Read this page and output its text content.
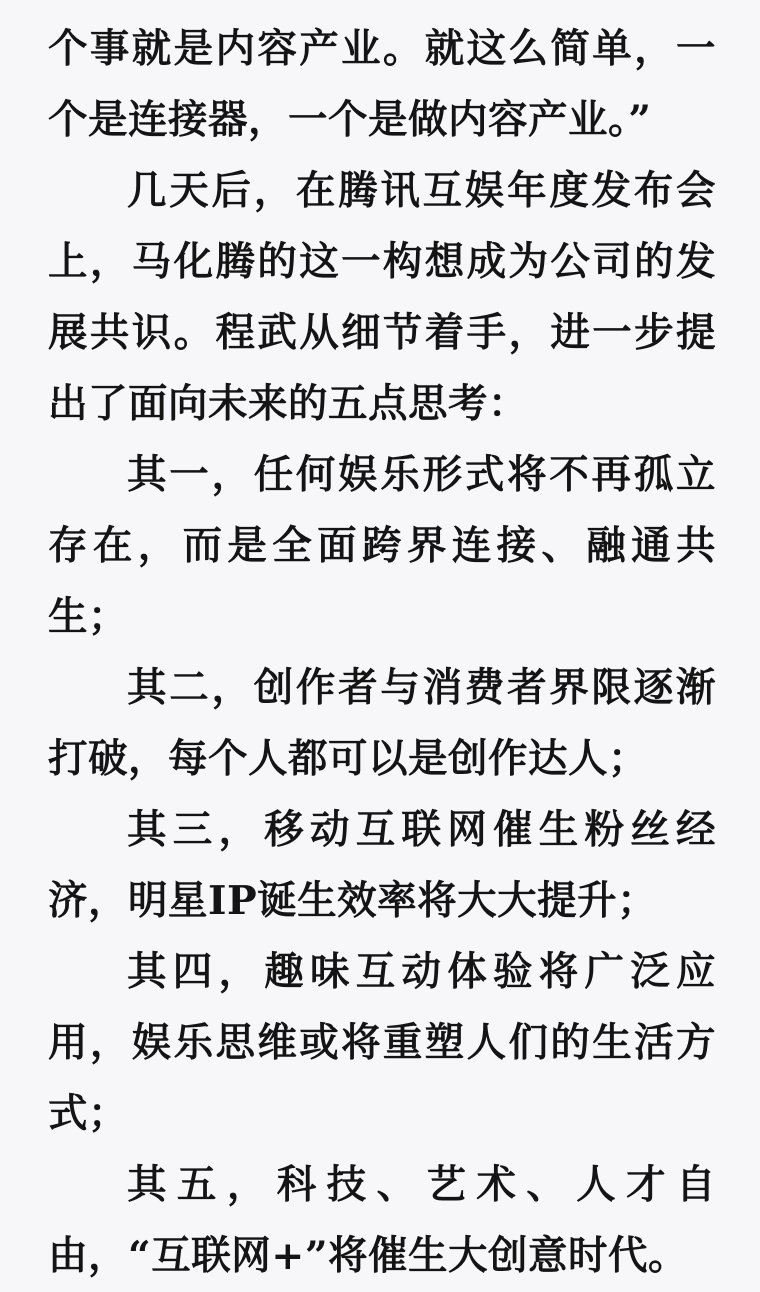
个事就是内容产业。就这么简单，一个是连接器，一个是做内容产业。”

几天后，在腾讯互娱年度发布会上，马化腾的这一构想成为公司的发展共识。程武从细节着手，进一步提出了面向未来的五点思考：

其一，任何娱乐形式将不再孤立存在，而是全面跨界连接、融通共生；

其二，创作者与消费者界限逐渐打破，每个人都可以是创作达人；

其三，移动互联网催生粉丝经济，明星IP诞生效率将大大提升；

其四，趣味互动体验将广泛应用，娱乐思维或将重塑人们的生活方式；

其五，科技、艺术、人才自由，“互联网+”将催生大创意时代。
